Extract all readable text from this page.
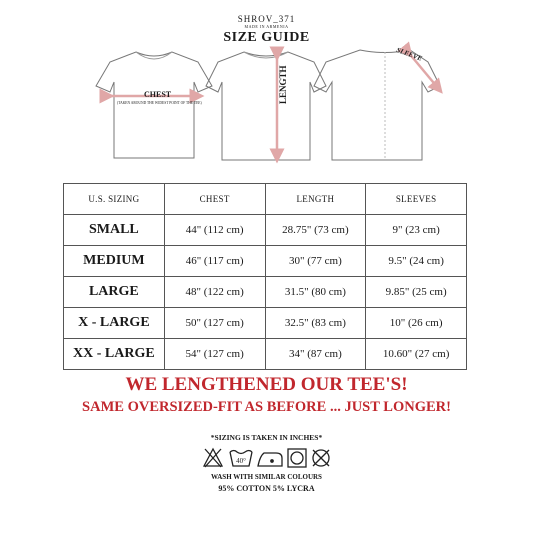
SHROV_371
MADE IN ARMENIA
SIZE GUIDE
CHEST
(TAKEN AROUND THE WIDEST POINT OF THE TEE)	LENGTH
SLEEVE
U.S. SIZING	CHEST	LENGTH	SLEEVES
SMALL	44" (112 cm)	28.75" (73 cm)	9" (23 cm)
MEDIUM	46" (117 cm)	30" (77 cm)	9.5" (24 cm)
LARGE	48" (122 cm)	31.5" (80 cm)	9.85" (25 cm)
X - LARGE	50" (127 cm)	32.5" (83 cm)	10" (26 cm)
XX - LARGE	54" (127 cm)	34" (87 cm)	10.60" (27 cm)
WE LENGTHENED OUR TEE'S!
SAME OVERSIZED-FIT AS BEFORE ... JUST LONGER!
*SIZING IS TAKEN IN INCHES*
40°
WASH WITH SIMILAR COLOURS
95% COTTON 5% LYCRA
